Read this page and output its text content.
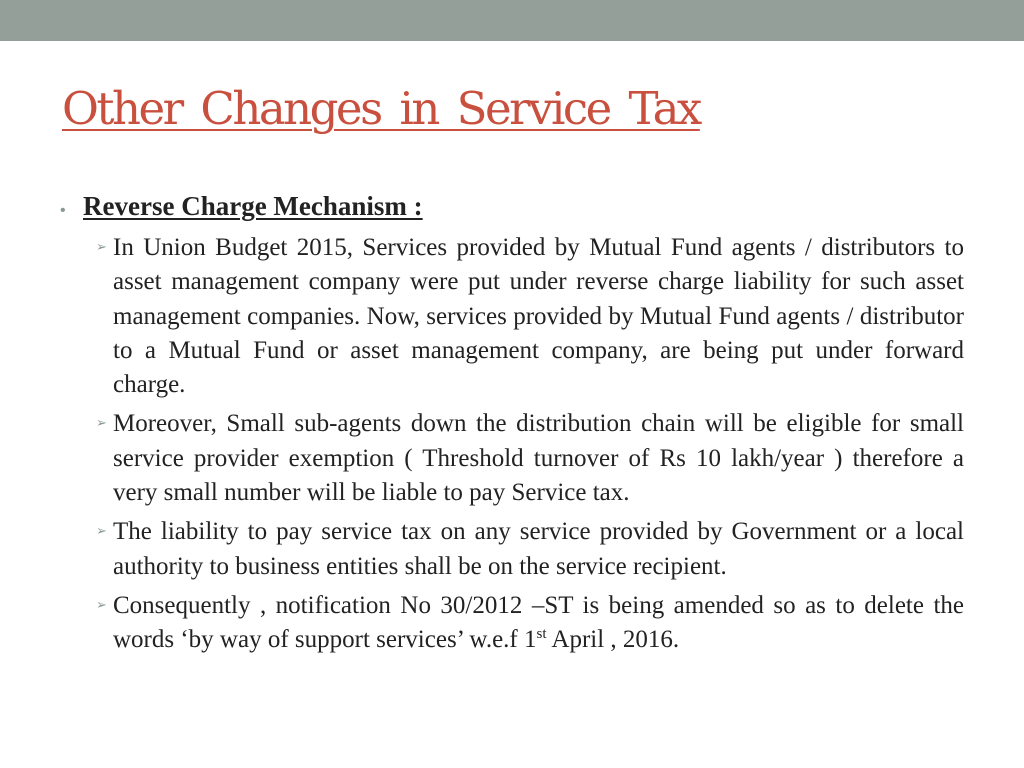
Other Changes in Service Tax
• Reverse Charge Mechanism :
➢ In Union Budget 2015, Services provided by Mutual Fund agents / distributors to asset management company were put under reverse charge liability for such asset management companies. Now, services provided by Mutual Fund agents / distributor to a Mutual Fund or asset management company, are being put under forward charge.
➢ Moreover, Small sub-agents down the distribution chain will be eligible for small service provider exemption ( Threshold turnover of Rs 10 lakh/year ) therefore a very small number will be liable to pay Service tax.
➢ The liability to pay service tax on any service provided by Government or a local authority to business entities shall be on the service recipient.
➢ Consequently , notification No 30/2012 –ST is being amended so as to delete the words ‘by way of support services’ w.e.f 1st April , 2016.
